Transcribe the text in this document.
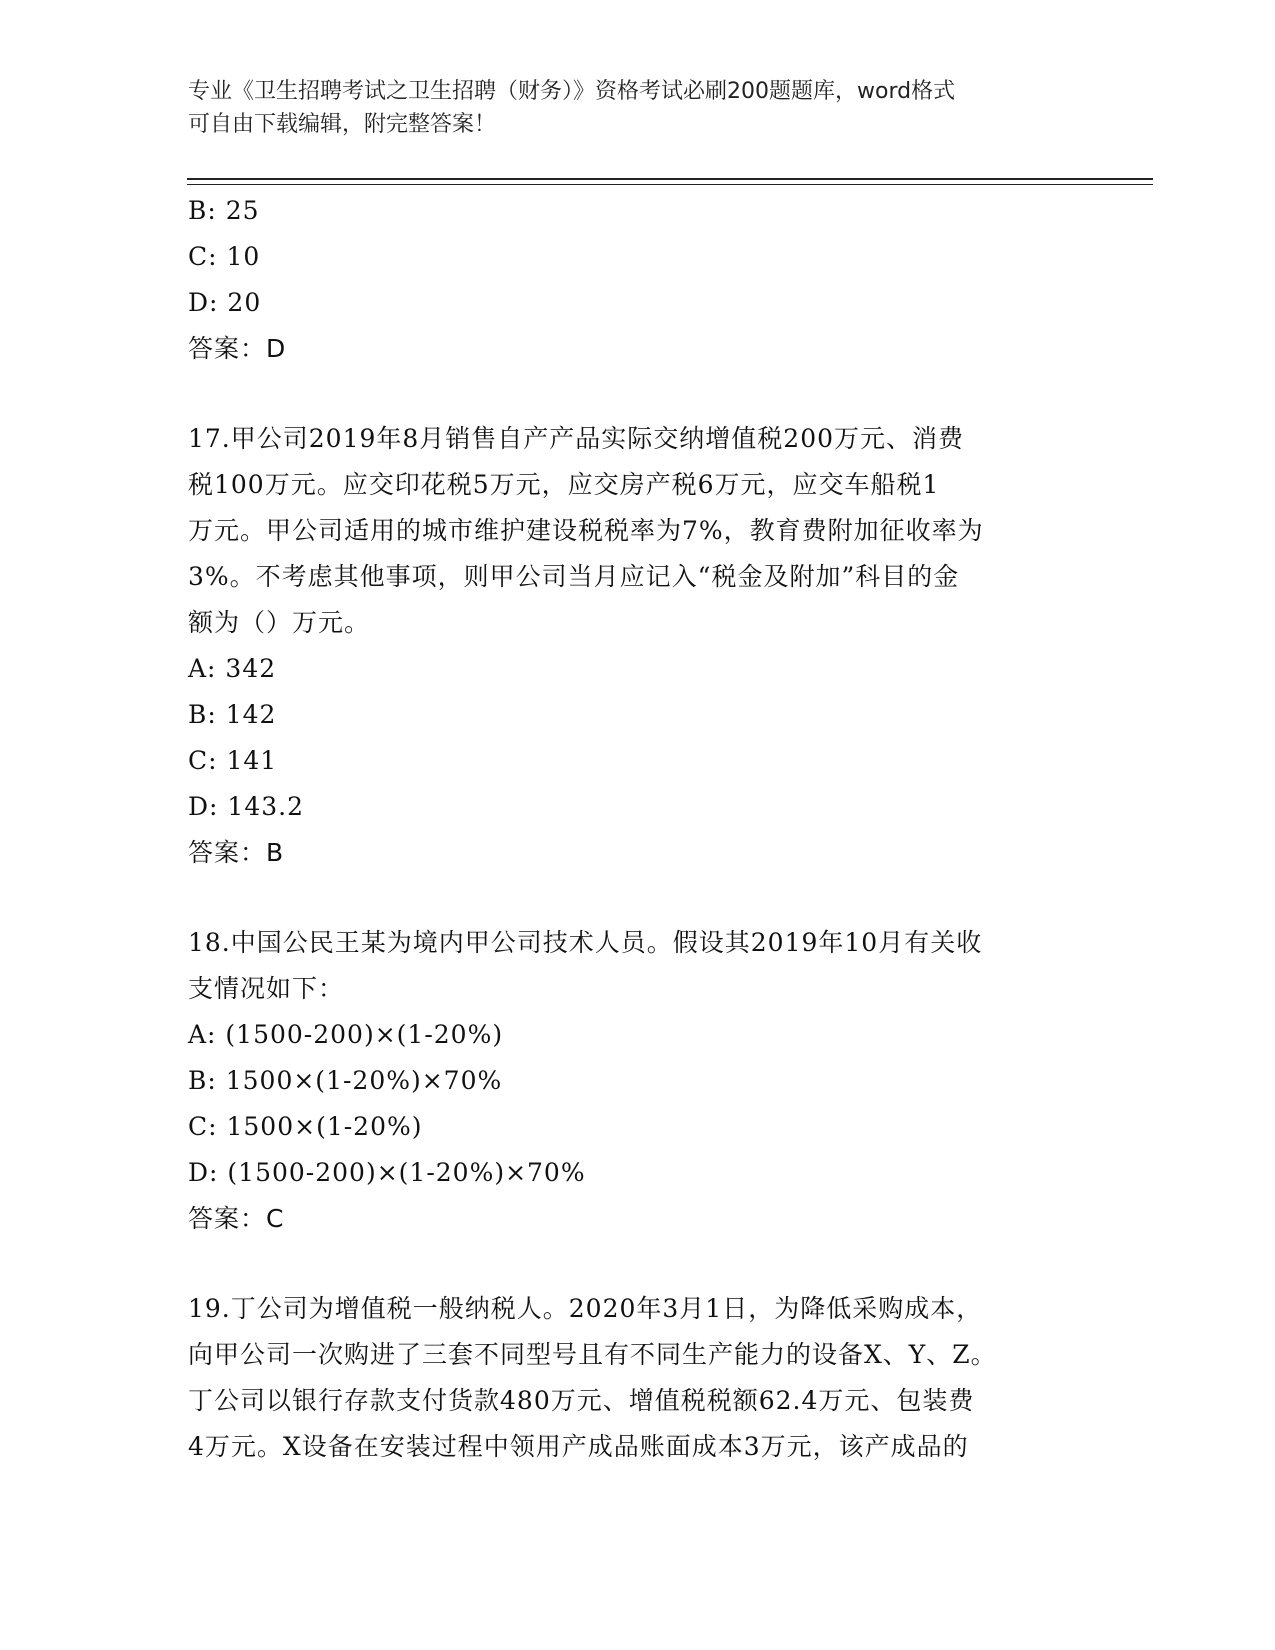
专业《卫生招聘考试之卫生招聘（财务）》资格考试必刷200题题库，word格式
可自由下载编辑，附完整答案！
B: 25
C: 10
D: 20
答案：D
17.甲公司2019年8月销售自产产品实际交纳增值税200万元、消费
税100万元。应交印花税5万元，应交房产税6万元，应交车船税1
万元。甲公司适用的城市维护建设税税率为7%，教育费附加征收率为
3%。不考虑其他事项，则甲公司当月应记入“税金及附加”科目的金
额为（）万元。
A: 342
B: 142
C: 141
D: 143.2
答案：B
18.中国公民王某为境内甲公司技术人员。假设其2019年10月有关收
支情况如下：
A: (1500-200)×(1-20%)
B: 1500×(1-20%)×70%
C: 1500×(1-20%)
D: (1500-200)×(1-20%)×70%
答案：C
19.丁公司为增值税一般纳税人。2020年3月1日，为降低采购成本，
向甲公司一次购进了三套不同型号且有不同生产能力的设备X、Y、Z。
丁公司以银行存款支付货款480万元、增值税税额62.4万元、包装费
4万元。X设备在安装过程中领用产成品账面成本3万元，该产成品的
